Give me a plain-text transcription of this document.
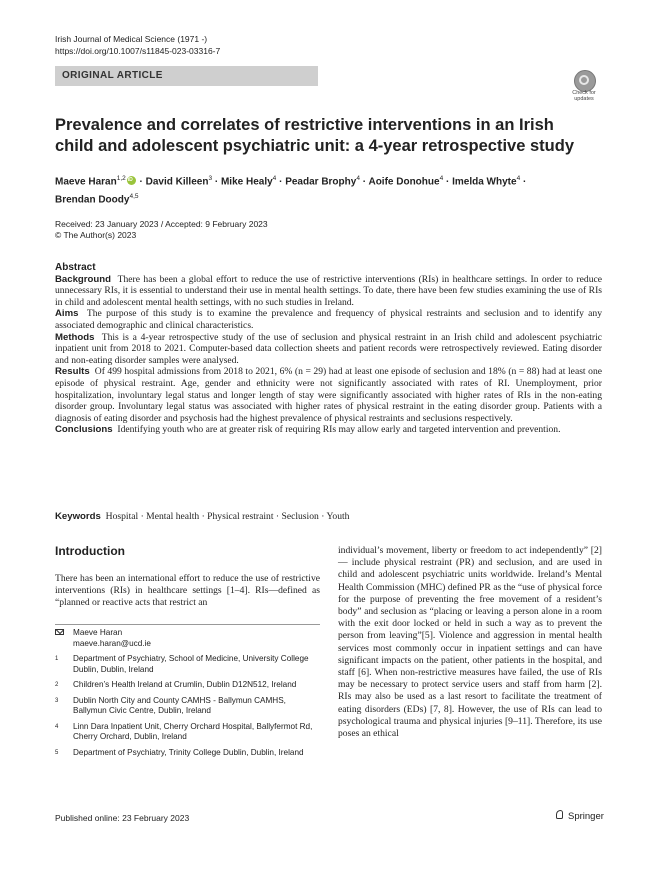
Irish Journal of Medical Science (1971 -)
https://doi.org/10.1007/s11845-023-03316-7
ORIGINAL ARTICLE
Check for updates
Prevalence and correlates of restrictive interventions in an Irish child and adolescent psychiatric unit: a 4-year retrospective study
Maeve Haran$^{1,2}$iD · David Killeen$^3$ · Mike Healy$^4$ · Peadar Brophy$^4$ · Aoife Donohue$^4$ · Imelda Whyte$^4$ ·
Brendan Doody$^{4,5}$
Received: 23 January 2023 / Accepted: 9 February 2023
© The Author(s) 2023
Abstract

Background There has been a global effort to reduce the use of restrictive interventions (RIs) in healthcare settings. In order to reduce unnecessary RIs, it is essential to understand their use in mental health settings. To date, there have been few studies examining the use of RIs in child and adolescent mental health settings, with no such studies in Ireland.

Aims The purpose of this study is to examine the prevalence and frequency of physical restraints and seclusion and to identify any associated demographic and clinical characteristics.

Methods This is a 4-year retrospective study of the use of seclusion and physical restraint in an Irish child and adolescent psychiatric inpatient unit from 2018 to 2021. Computer-based data collection sheets and patient records were retrospectively reviewed. Eating disorder and non-eating disorder samples were analysed.

Results Of 499 hospital admissions from 2018 to 2021, 6% (n = 29) had at least one episode of seclusion and 18% (n = 88) had at least one episode of physical restraint. Age, gender and ethnicity were not significantly associated with rates of RI. Unemployment, prior hospitalization, involuntary legal status and longer length of stay were significantly associated with higher rates of RIs in the non-eating disorder group. Involuntary legal status was associated with higher rates of physical restraint in the eating disorder group. Patients with a diagnosis of eating disorder and psychosis had the highest prevalence of physical restraints and seclusions respectively.

Conclusions Identifying youth who are at greater risk of requiring RIs may allow early and targeted intervention and prevention.

Keywords Hospital · Mental health · Physical restraint · Seclusion · Youth
Introduction

There has been an international effort to reduce the use of restrictive interventions (RIs) in healthcare settings [1–4]. RIs—defined as “planned or reactive acts that restrict an

individual’s movement, liberty or freedom to act independently” [2] — include physical restraint (PR) and seclusion, and are used in child and adolescent psychiatric units worldwide. Ireland’s Mental Health Commission (MHC) defined PR as the “use of physical force for the purpose of preventing the free movement of a resident’s body” and seclusion as “placing or leaving a person alone in a room with the exit door locked or held in such a way as to prevent the person from leaving”[5]. Violence and aggression in mental health services most commonly occur in inpatient settings and can have significant impacts on the patient, other patients in the hospital, and staff [6]. When non-restrictive measures have failed, the use of RIs may be necessary to protect service users and staff from harm [2]. RIs may also be used as a last resort to facilitate the treatment of eating disorders (EDs) [7, 8]. However, the use of RIs can lead to psychological trauma and physical injuries [9–11]. Therefore, its use poses an ethical

Maeve Haran
maeve.haran@ucd.ie
1 Department of Psychiatry, School of Medicine, University College Dublin, Dublin, Ireland
2 Children’s Health Ireland at Crumlin, Dublin D12N512, Ireland
3 Dublin North City and County CAMHS - Ballymun CAMHS, Ballymun Civic Centre, Dublin, Ireland
4 Linn Dara Inpatient Unit, Cherry Orchard Hospital, Ballyfermot Rd, Cherry Orchard, Dublin, Ireland
5 Department of Psychiatry, Trinity College Dublin, Dublin, Ireland
Published online: 23 February 2023	Springer
